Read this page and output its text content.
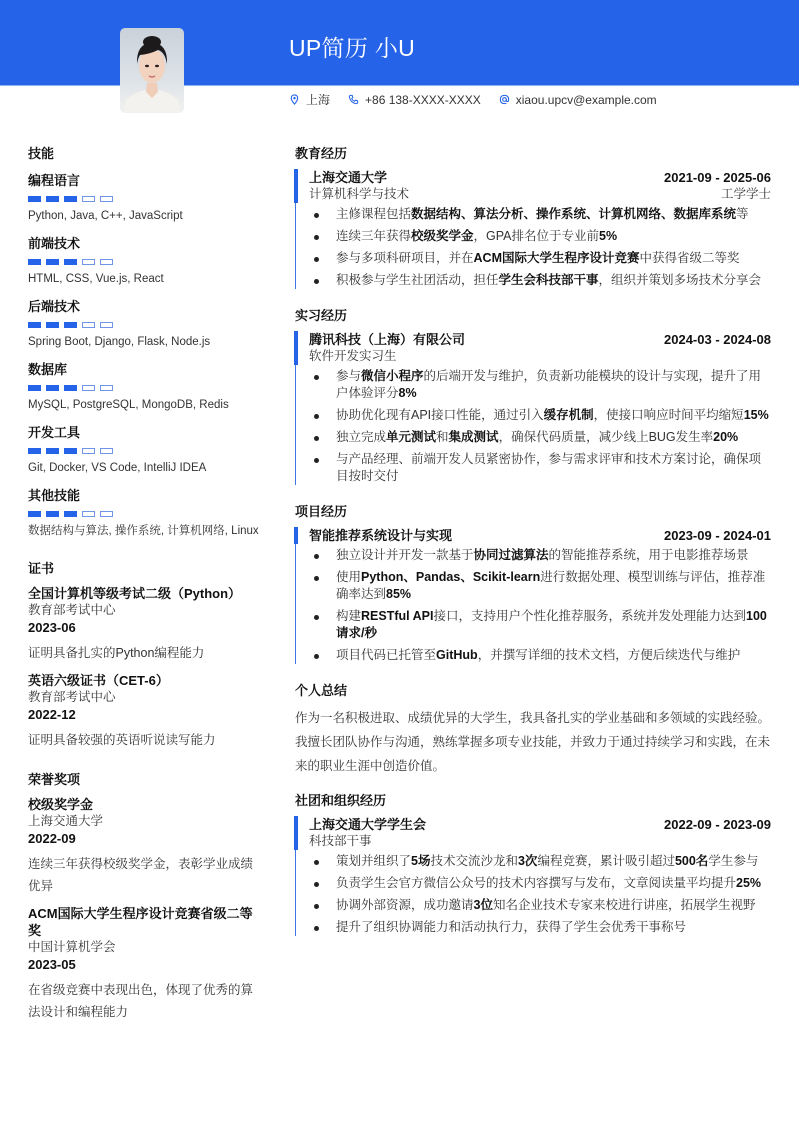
UP简历 小U
上海	+86 138-XXXX-XXXX	xiaou.upcv@example.com
技能
编程语言
Python, Java, C++, JavaScript
前端技术
HTML, CSS, Vue.js, React
后端技术
Spring Boot, Django, Flask, Node.js
数据库
MySQL, PostgreSQL, MongoDB, Redis
开发工具
Git, Docker, VS Code, IntelliJ IDEA
其他技能
数据结构与算法, 操作系统, 计算机网络, Linux
证书
全国计算机等级考试二级（Python）
教育部考试中心
2023-06
证明具备扎实的Python编程能力
英语六级证书（CET-6）
教育部考试中心
2022-12
证明具备较强的英语听说读写能力
荣誉奖项
校级奖学金
上海交通大学
2022-09
连续三年获得校级奖学金，表彰学业成绩优异
ACM国际大学生程序设计竞赛省级二等奖
中国计算机学会
2023-05
在省级竞赛中表现出色，体现了优秀的算法设计和编程能力
教育经历
上海交通大学	2021-09 - 2025-06
计算机科学与技术	工学学士
主修课程包括数据结构、算法分析、操作系统、计算机网络、数据库系统等
连续三年获得校级奖学金，GPA排名位于专业前5%
参与多项科研项目，并在ACM国际大学生程序设计竞赛中获得省级二等奖
积极参与学生社团活动，担任学生会科技部干事，组织并策划多场技术分享会
实习经历
腾讯科技（上海）有限公司	2024-03 - 2024-08
软件开发实习生
参与微信小程序的后端开发与维护，负责新功能模块的设计与实现，提升了用户体验评分8%
协助优化现有API接口性能，通过引入缓存机制，使接口响应时间平均缩短15%
独立完成单元测试和集成测试，确保代码质量，减少线上BUG发生率20%
与产品经理、前端开发人员紧密协作，参与需求评审和技术方案讨论，确保项目按时交付
项目经历
智能推荐系统设计与实现	2023-09 - 2024-01
独立设计并开发一款基于协同过滤算法的智能推荐系统，用于电影推荐场景
使用Python、Pandas、Scikit-learn进行数据处理、模型训练与评估，推荐准确率达到85%
构建RESTful API接口，支持用户个性化推荐服务，系统并发处理能力达到100请求/秒
项目代码已托管至GitHub，并撰写详细的技术文档，方便后续迭代与维护
个人总结
作为一名积极进取、成绩优异的大学生，我具备扎实的学业基础和多领域的实践经验。我擅长团队协作与沟通，熟练掌握多项专业技能，并致力于通过持续学习和实践，在未来的职业生涯中创造价值。
社团和组织经历
上海交通大学学生会	2022-09 - 2023-09
科技部干事
策划并组织了5场技术交流沙龙和3次编程竞赛，累计吸引超过500名学生参与
负责学生会官方微信公众号的技术内容撰写与发布，文章阅读量平均提升25%
协调外部资源，成功邀请3位知名企业技术专家来校进行讲座，拓展学生视野
提升了组织协调能力和活动执行力，获得了学生会优秀干事称号
